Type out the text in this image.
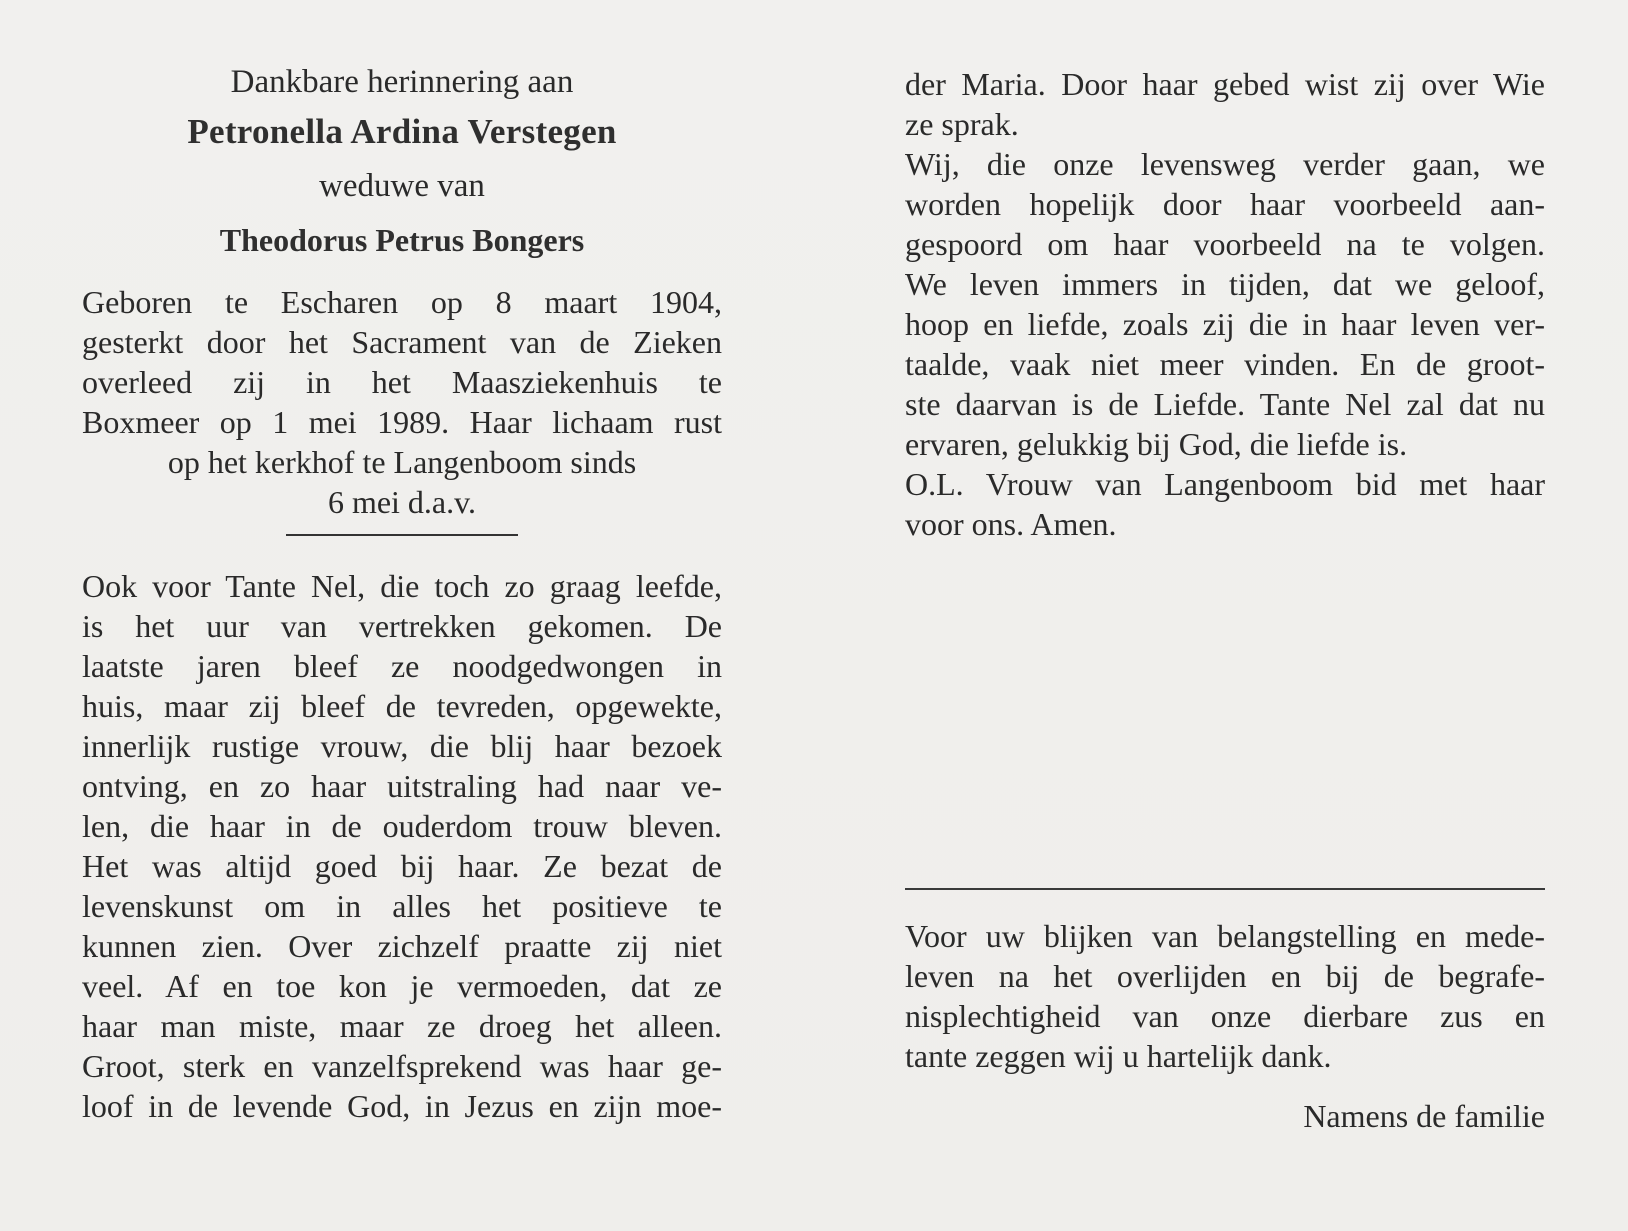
Dankbare herinnering aan
Petronella Ardina Verstegen
weduwe van
Theodorus Petrus Bongers
Geboren te Escharen op 8 maart 1904,
gesterkt door het Sacrament van de Zieken
overleed zij in het Maasziekenhuis te
Boxmeer op 1 mei 1989. Haar lichaam rust
op het kerkhof te Langenboom sinds
6 mei d.a.v.
Ook voor Tante Nel, die toch zo graag leefde,
is het uur van vertrekken gekomen. De
laatste jaren bleef ze noodgedwongen in
huis, maar zij bleef de tevreden, opgewekte,
innerlijk rustige vrouw, die blij haar bezoek
ontving, en zo haar uitstraling had naar ve-
len, die haar in de ouderdom trouw bleven.
Het was altijd goed bij haar. Ze bezat de
levenskunst om in alles het positieve te
kunnen zien. Over zichzelf praatte zij niet
veel. Af en toe kon je vermoeden, dat ze
haar man miste, maar ze droeg het alleen.
Groot, sterk en vanzelfsprekend was haar ge-
loof in de levende God, in Jezus en zijn moe-
der Maria. Door haar gebed wist zij over Wie
ze sprak.
Wij, die onze levensweg verder gaan, we
worden hopelijk door haar voorbeeld aan-
gespoord om haar voorbeeld na te volgen.
We leven immers in tijden, dat we geloof,
hoop en liefde, zoals zij die in haar leven ver-
taalde, vaak niet meer vinden. En de groot-
ste daarvan is de Liefde. Tante Nel zal dat nu
ervaren, gelukkig bij God, die liefde is.
O.L. Vrouw van Langenboom bid met haar
voor ons. Amen.
Voor uw blijken van belangstelling en mede-
leven na het overlijden en bij de begrafe-
nisplechtigheid van onze dierbare zus en
tante zeggen wij u hartelijk dank.
Namens de familie
